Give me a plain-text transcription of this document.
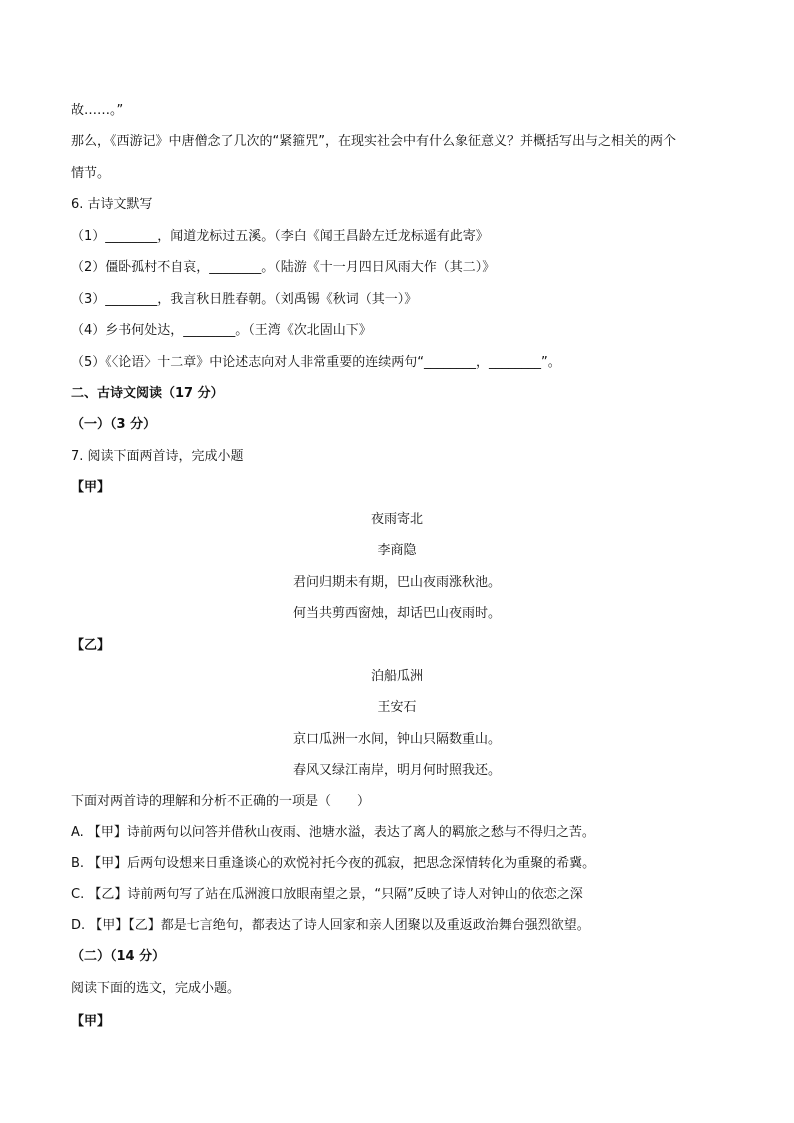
故……。”
那么，《西游记》中唐僧念了几次的“紧箍咒”，在现实社会中有什么象征意义？并概括写出与之相关的两个
情节。
6. 古诗文默写
（1）________，闻道龙标过五溪。（李白《闻王昌龄左迁龙标遥有此寄》
（2）僵卧孤村不自哀，________。（陆游《十一月四日风雨大作（其二）》
（3）________，我言秋日胜春朝。（刘禹锡《秋词（其一）》
（4）乡书何处达，________。（王湾《次北固山下》
（5）《〈论语〉十二章》中论述志向对人非常重要的连续两句“________，________”。
二、古诗文阅读（17 分）
（一）（3 分）
7. 阅读下面两首诗，完成小题
【甲】
夜雨寄北
李商隐
君问归期未有期，巴山夜雨涨秋池。
何当共剪西窗烛，却话巴山夜雨时。
【乙】
泊船瓜洲
王安石
京口瓜洲一水间，钟山只隔数重山。
春风又绿江南岸，明月何时照我还。
下面对两首诗的理解和分析不正确的一项是（　　）
A. 【甲】诗前两句以问答并借秋山夜雨、池塘水溢，表达了离人的羁旅之愁与不得归之苦。
B. 【甲】后两句设想来日重逢谈心的欢悦衬托今夜的孤寂，把思念深情转化为重聚的希冀。
C. 【乙】诗前两句写了站在瓜洲渡口放眼南望之景，“只隔”反映了诗人对钟山的依恋之深
D. 【甲】【乙】都是七言绝句，都表达了诗人回家和亲人团聚以及重返政治舞台强烈欲望。
（二）（14 分）
阅读下面的选文，完成小题。
【甲】
